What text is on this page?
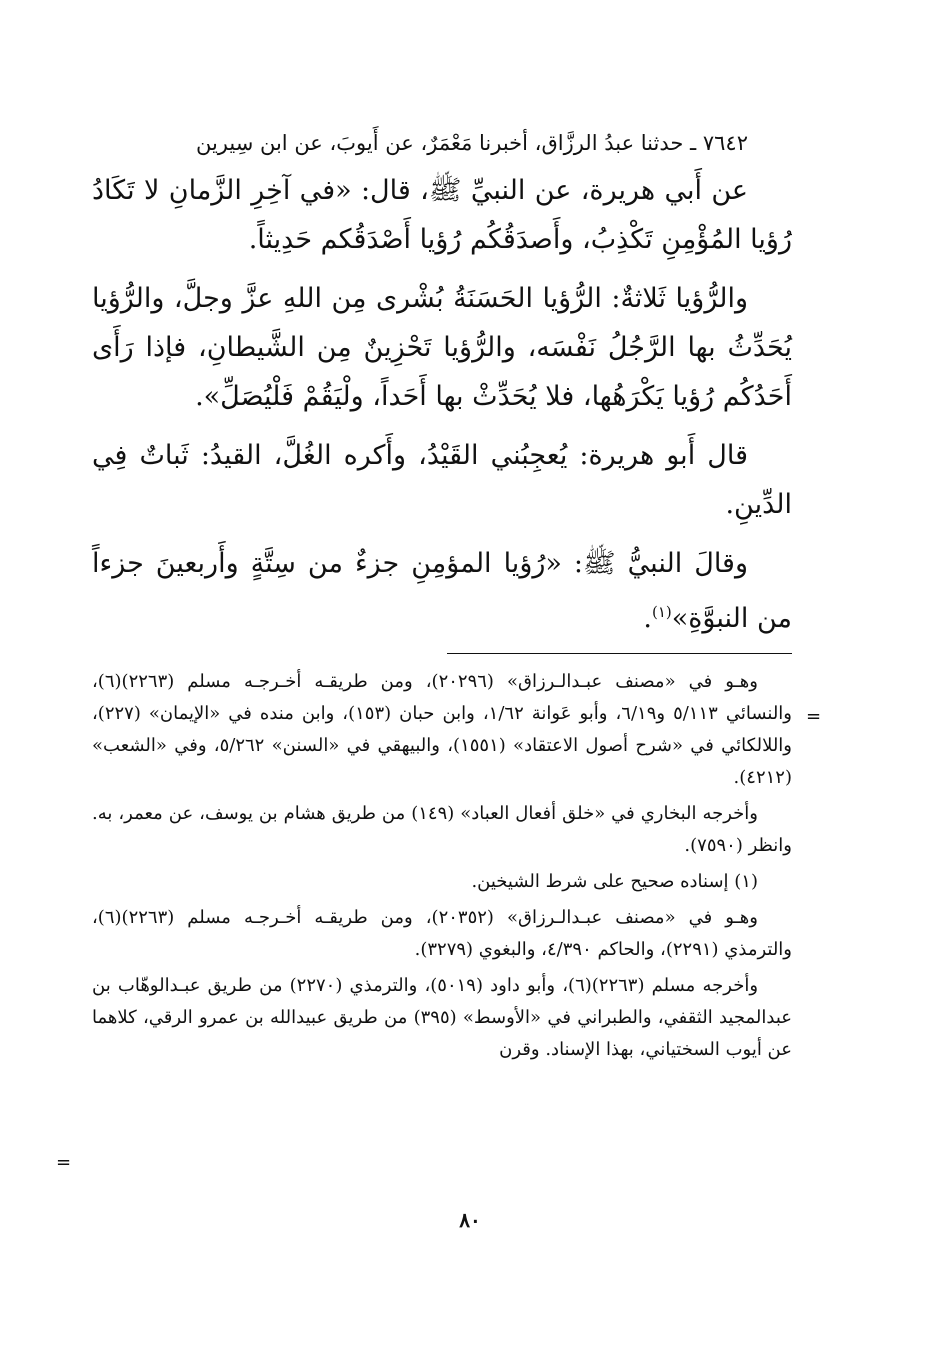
٧٦٤٢ ـ حدثنا عبدُ الرزَّاق، أخبرنا مَعْمَرٌ، عن أَيوبَ، عن ابن سِيرين

عن أَبي هريرة، عن النبيِّ ﷺ، قال: «في آخِرِ الزَّمانِ لا تَكَادُ رُؤيا المُؤْمِنِ تَكْذِبُ، وأَصدَقُكُم رُؤيا أَصْدَقُكم حَدِيثاً.

والرُّؤيا ثَلاثةٌ: الرُّؤيا الحَسَنَةُ بُشْرى مِن اللهِ عزَّ وجلَّ، والرُّؤيا يُحَدِّثُ بها الرَّجُلُ نَفْسَه، والرُّؤيا تَحْزِينٌ مِن الشَّيطانِ، فإذا رَأَى أَحَدُكُم رُؤيا يَكْرَهُها، فلا يُحَدِّثْ بها أَحَداً، ولْيَقُمْ فَلْيُصَلِّ».

قال أَبو هريرة: يُعجِبُني القَيْدُ، وأَكره الغُلَّ، القيدُ: ثَباتٌ فِي الدِّينِ.

وقالَ النبيُّ ﷺ: «رُؤيا المؤمِنِ جزءٌ من سِتَّةٍ وأَربعينَ جزءاً من النبوَّةِ»$^{(١)}$.

وهـو في «مصنف عبـدالـرزاق» (٢٠٢٩٦)، ومن طريقـه أخـرجـه مسلم (٢٢٦٣)(٦)، والنسائي ٥/١١٣ و٦/١٩، وأبو عَوانة ١/٦٢، وابن حبان (١٥٣)، وابن منده في «الإيمان» (٢٢٧)، واللالكائي في «شرح أصول الاعتقاد» (١٥٥١)، والبيهقي في «السنن» ٥/٢٦٢، وفي «الشعب» (٤٢١٢).

وأخرجه البخاري في «خلق أفعال العباد» (١٤٩) من طريق هشام بن يوسف، عن معمر، به. وانظر (٧٥٩٠).

(١) إسناده صحيح على شرط الشيخين.

وهـو في «مصنف عبـدالـرزاق» (٢٠٣٥٢)، ومن طريقـه أخـرجـه مسلم (٢٢٦٣)(٦)، والترمذي (٢٢٩١)، والحاكم ٤/٣٩٠، والبغوي (٣٢٧٩).

وأخرجه مسلم (٢٢٦٣)(٦)، وأبو داود (٥٠١٩)، والترمذي (٢٢٧٠) من طريق عبـدالوهّاب بن عبدالمجيد الثقفي، والطبراني في «الأوسط» (٣٩٥) من طريق عبيدالله بن عمرو الرقي، كلاهما عن أيوب السختياني، بهذا الإسناد. وقرن

=
=
٨٠
